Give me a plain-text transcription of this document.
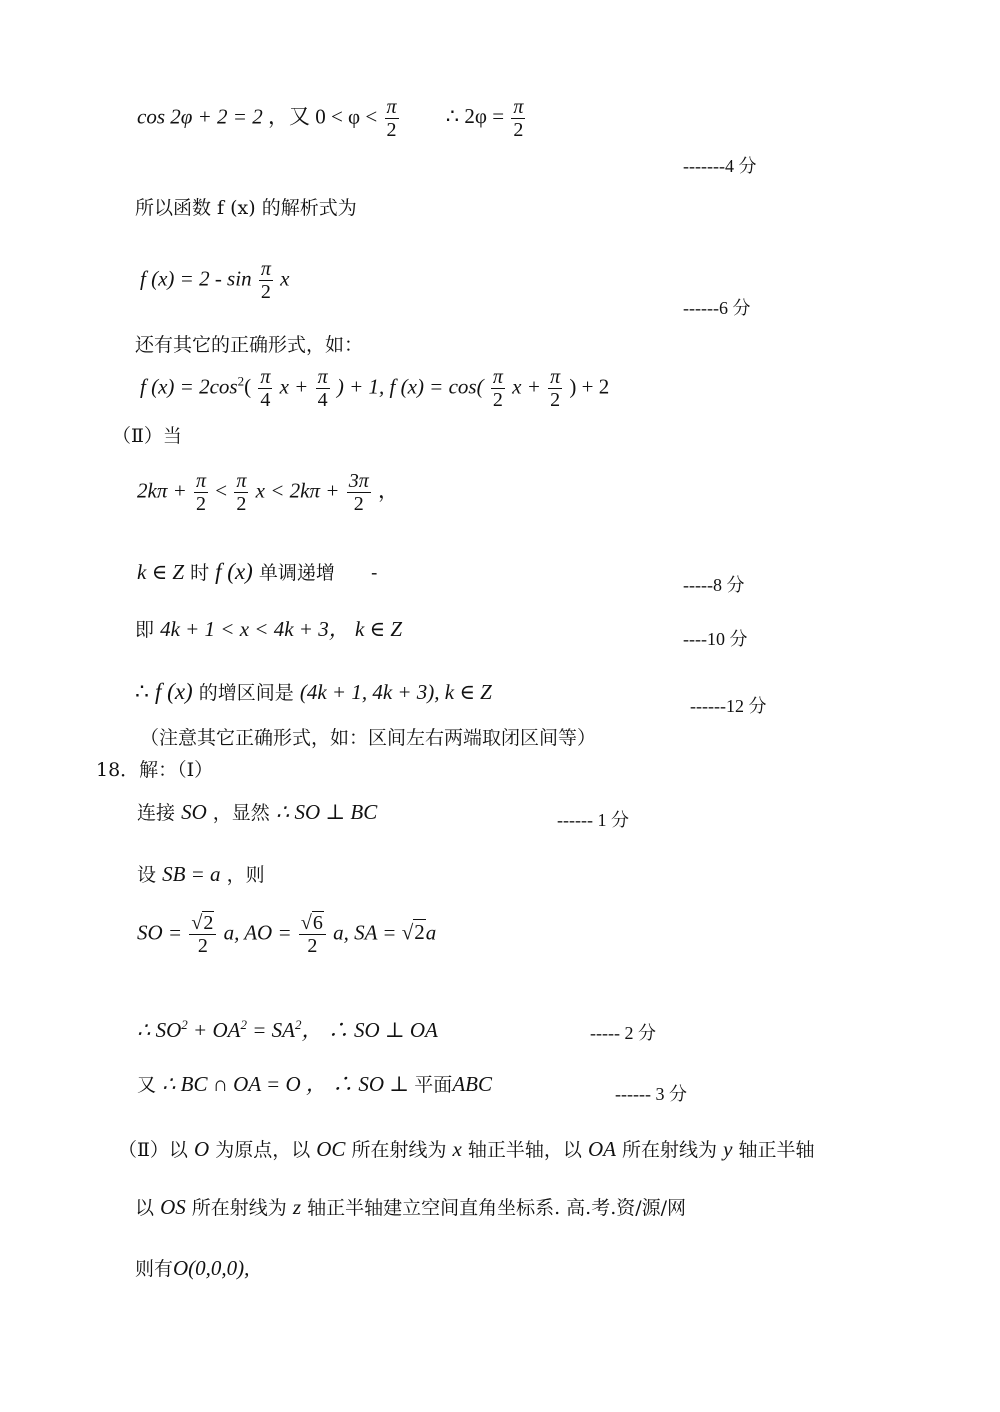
cos 2φ + 2 = 2 ，又 $0 < \varphi < \frac{\pi}{2}$ ∴ $2\varphi = \frac{\pi}{2}$
-------4 分
所以函数 f (x) 的解析式为
f $(x) = 2 - \sin \frac{\pi}{2}$ x
------6 分
还有其它的正确形式，如：
f $(x) = 2\cos^2( \frac{\pi}{4}$ $x + \frac{\pi}{4}$ ) + 1, f $(x) = \cos( \frac{\pi}{2}$ $x + \frac{\pi}{2}$ ) + 2
（Ⅱ）当
$2k\pi + \frac{\pi}{2} < \frac{\pi}{2}$ $x < 2k\pi + \frac{3\pi}{2}$ ，
k ∈ Z 时 f (x) 单调递增 -
-----8 分
即 4k + 1 < x < 4k + 3， k ∈ Z	----10 分
∴ f (x) 的增区间是 (4k + 1, 4k + 3), k ∈ Z
------12 分
（注意其它正确形式，如：区间左右两端取闭区间等）
18．解：（Ⅰ）
连接 SO ，显然 ∴ SO ⊥ BC	------ 1 分
设 SB = a ，则
SO = $\frac{√2}{2} a$, AO = $\frac{√6}{2} a$, SA = √2a
∴ $SO^2 + OA^2 = SA^2$， ∴ SO ⊥ OA	----- 2 分
又 ∴ BC ∩ OA = O ， ∴ SO ⊥ 平面ABC	------ 3 分
（Ⅱ）以 O 为原点，以 OC 所在射线为 x 轴正半轴，以 OA 所在射线为 y 轴正半轴
以 OS 所在射线为 z 轴正半轴建立空间直角坐标系. 高.考.资/源/网
则有O(0,0,0),
